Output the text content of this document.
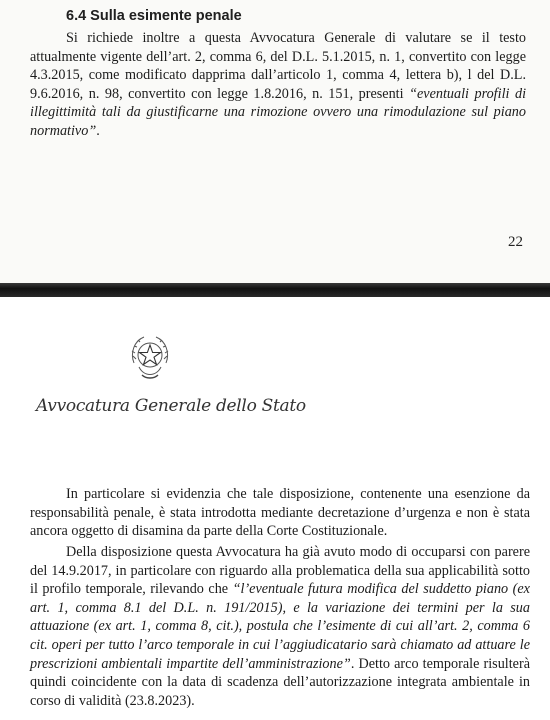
6.4 Sulla esimente penale

Si richiede inoltre a questa Avvocatura Generale di valutare se il testo attualmente vigente dell’art. 2, comma 6, del D.L. 5.1.2015, n. 1, convertito con legge 4.3.2015, come modificato dapprima dall’articolo 1, comma 4, lettera b), l del D.L. 9.6.2016, n. 98, convertito con legge 1.8.2016, n. 151, presenti “eventuali profili di illegittimità tali da giustificarne una rimozione ovvero una rimodulazione sul piano normativo”.

22
Avvocatura Generale dello Stato

In particolare si evidenzia che tale disposizione, contenente una esenzione da responsabilità penale, è stata introdotta mediante decretazione d’urgenza e non è stata ancora oggetto di disamina da parte della Corte Costituzionale.

Della disposizione questa Avvocatura ha già avuto modo di occuparsi con parere del 14.9.2017, in particolare con riguardo alla problematica della sua applicabilità sotto il profilo temporale, rilevando che “l’eventuale futura modifica del suddetto piano (ex art. 1, comma 8.1 del D.L. n. 191/2015), e la variazione dei termini per la sua attuazione (ex art. 1, comma 8, cit.), postula che l’esimente di cui all’art. 2, comma 6 cit. operi per tutto l’arco temporale in cui l’aggiudicatario sarà chiamato ad attuare le prescrizioni ambientali impartite dell’amministrazione”. Detto arco temporale risulterà quindi coincidente con la data di scadenza dell’autorizzazione integrata ambientale in corso di validità (23.8.2023).
